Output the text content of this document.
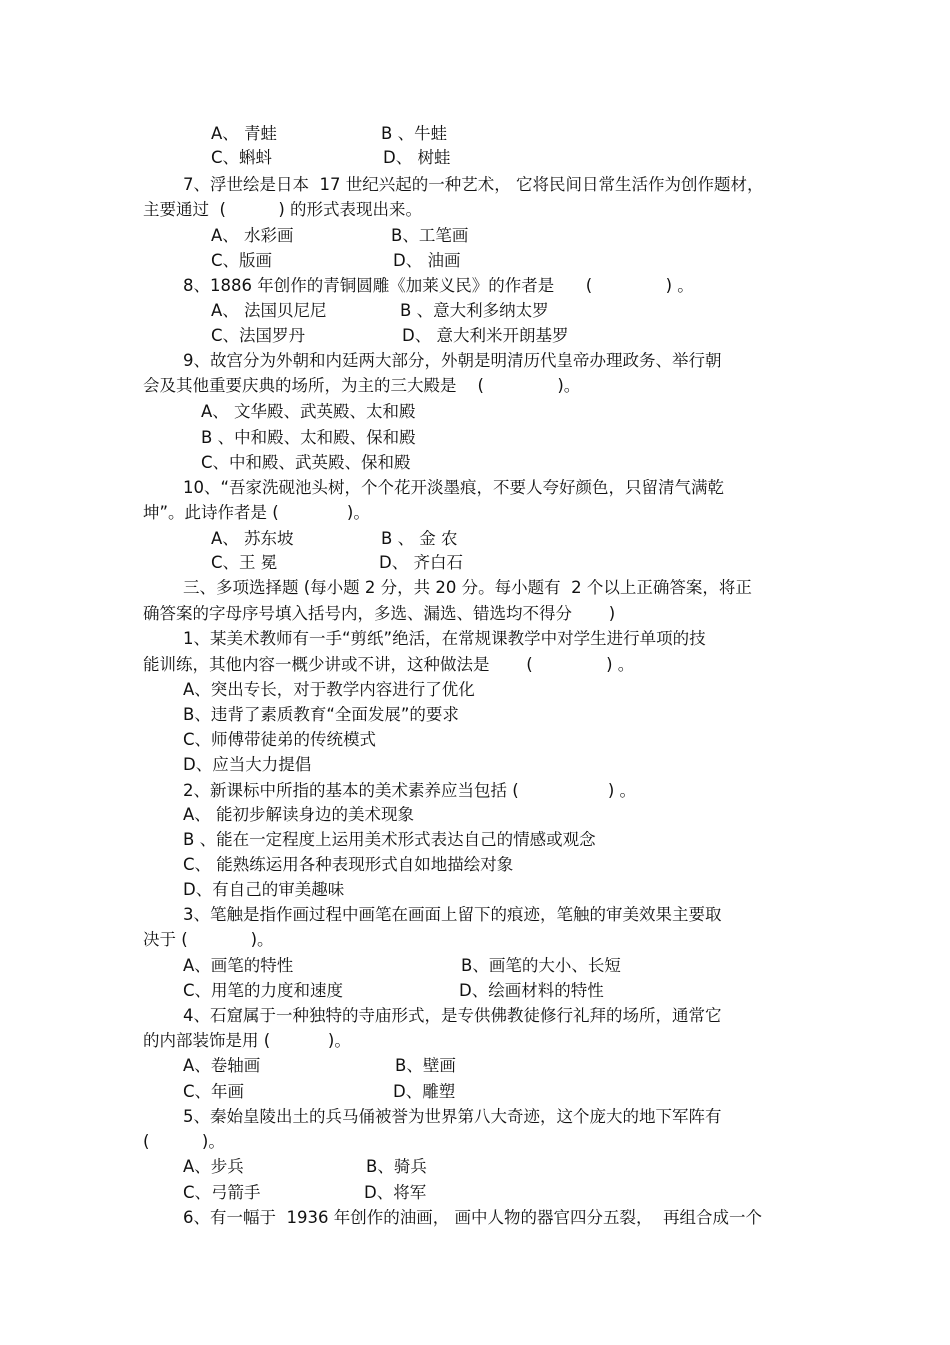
A、 青蛙	B 、牛蛙
C、蝌蚪	D、 树蛙
7、浮世绘是日本  17 世纪兴起的一种艺术， 它将民间日常生活作为创作题材，
主要通过  (          ) 的形式表现出来。
A、 水彩画	B、工笔画
C、版画	D、 油画
8、1886 年创作的青铜圆雕《加莱义民》的作者是      (              ) 。
A、 法国贝尼尼	B 、意大利多纳太罗
C、法国罗丹	D、 意大利米开朗基罗
9、故宫分为外朝和内廷两大部分，外朝是明清历代皇帝办理政务、举行朝
会及其他重要庆典的场所，为主的三大殿是    (              )。
A、 文华殿、武英殿、太和殿
B 、中和殿、太和殿、保和殿
C、中和殿、武英殿、保和殿
10、“吾家洗砚池头树，个个花开淡墨痕，不要人夸好颜色，只留清气满乾
坤”。此诗作者是 (             )。
A、 苏东坡	B 、 金 农
C、王 冕	D、 齐白石
三、多项选择题 (每小题 2 分，共 20 分。每小题有  2 个以上正确答案，将正
确答案的字母序号填入括号内，多选、漏选、错选均不得分       )
1、某美术教师有一手“剪纸”绝活，在常规课教学中对学生进行单项的技
能训练，其他内容一概少讲或不讲，这种做法是       (              ) 。
A、突出专长，对于教学内容进行了优化
B、违背了素质教育“全面发展”的要求
C、师傅带徒弟的传统模式
D、应当大力提倡
2、新课标中所指的基本的美术素养应当包括 (                 ) 。
A、 能初步解读身边的美术现象
B 、能在一定程度上运用美术形式表达自己的情感或观念
C、 能熟练运用各种表现形式自如地描绘对象
D、有自己的审美趣味
3、笔触是指作画过程中画笔在画面上留下的痕迹，笔触的审美效果主要取
决于 (            )。
A、画笔的特性	B、画笔的大小、长短
C、用笔的力度和速度	D、绘画材料的特性
4、石窟属于一种独特的寺庙形式，是专供佛教徒修行礼拜的场所，通常它
的内部装饰是用 (           )。
A、卷轴画	B、壁画
C、年画	D、雕塑
5、秦始皇陵出土的兵马俑被誉为世界第八大奇迹，这个庞大的地下军阵有
(          )。
A、步兵	B、骑兵
C、弓箭手	D、将军
6、有一幅于  1936 年创作的油画， 画中人物的器官四分五裂，  再组合成一个
